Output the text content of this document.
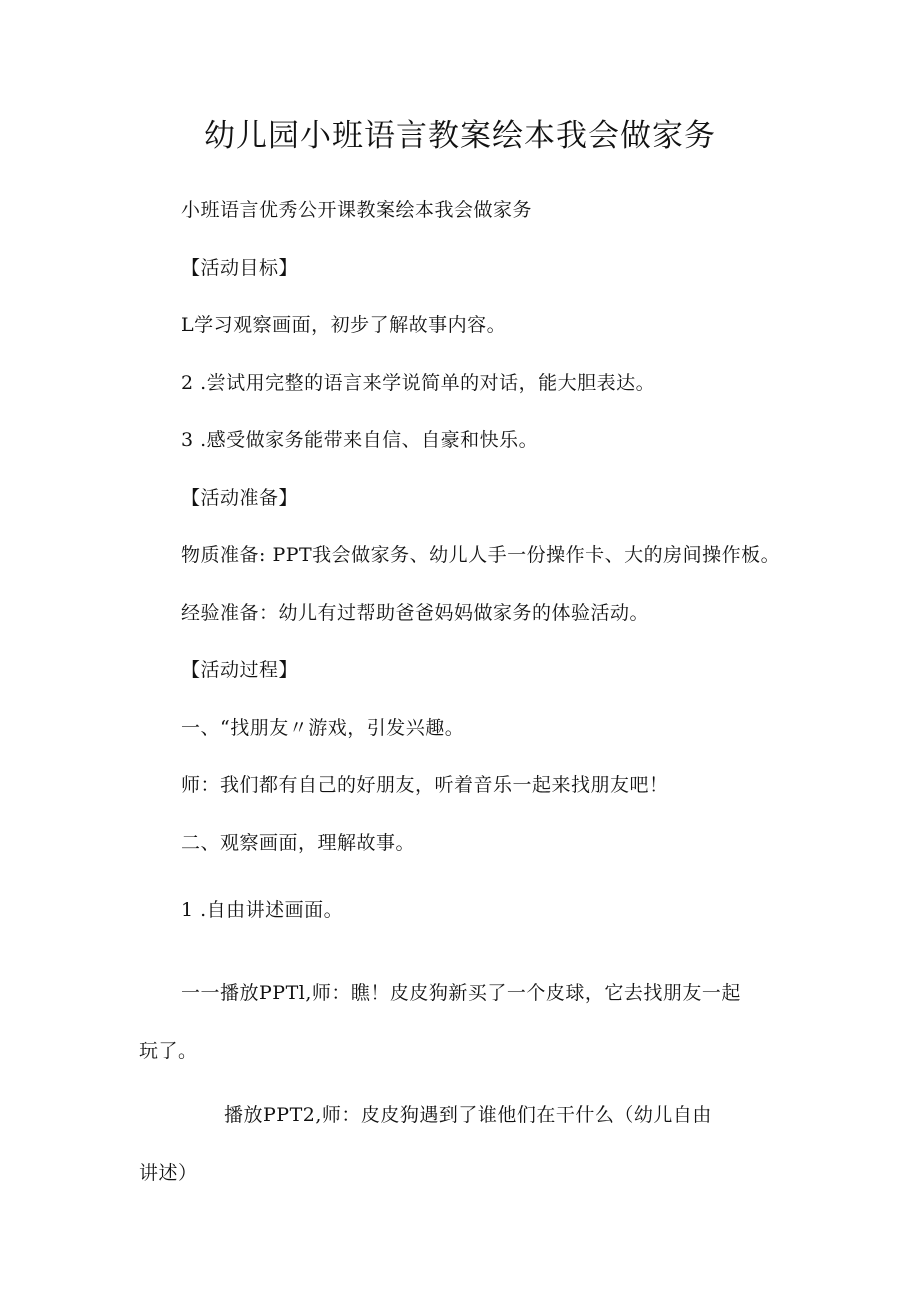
幼儿园小班语言教案绘本我会做家务
小班语言优秀公开课教案绘本我会做家务
【活动目标】
L学习观察画面，初步了解故事内容。
2 .尝试用完整的语言来学说简单的对话，能大胆表达。
3 .感受做家务能带来自信、自豪和快乐。
【活动准备】
物质准备: PPT我会做家务、幼儿人手一份操作卡、大的房间操作板。
经验准备：幼儿有过帮助爸爸妈妈做家务的体验活动。
【活动过程】
一、“找朋友〃游戏，引发兴趣。
师：我们都有自己的好朋友，听着音乐一起来找朋友吧！
二、观察画面，理解故事。
1 .自由讲述画面。
一一播放PPTl,师：瞧！皮皮狗新买了一个皮球，它去找朋友一起
玩了。
播放PPT2,师：皮皮狗遇到了谁他们在干什么（幼儿自由
讲述）
